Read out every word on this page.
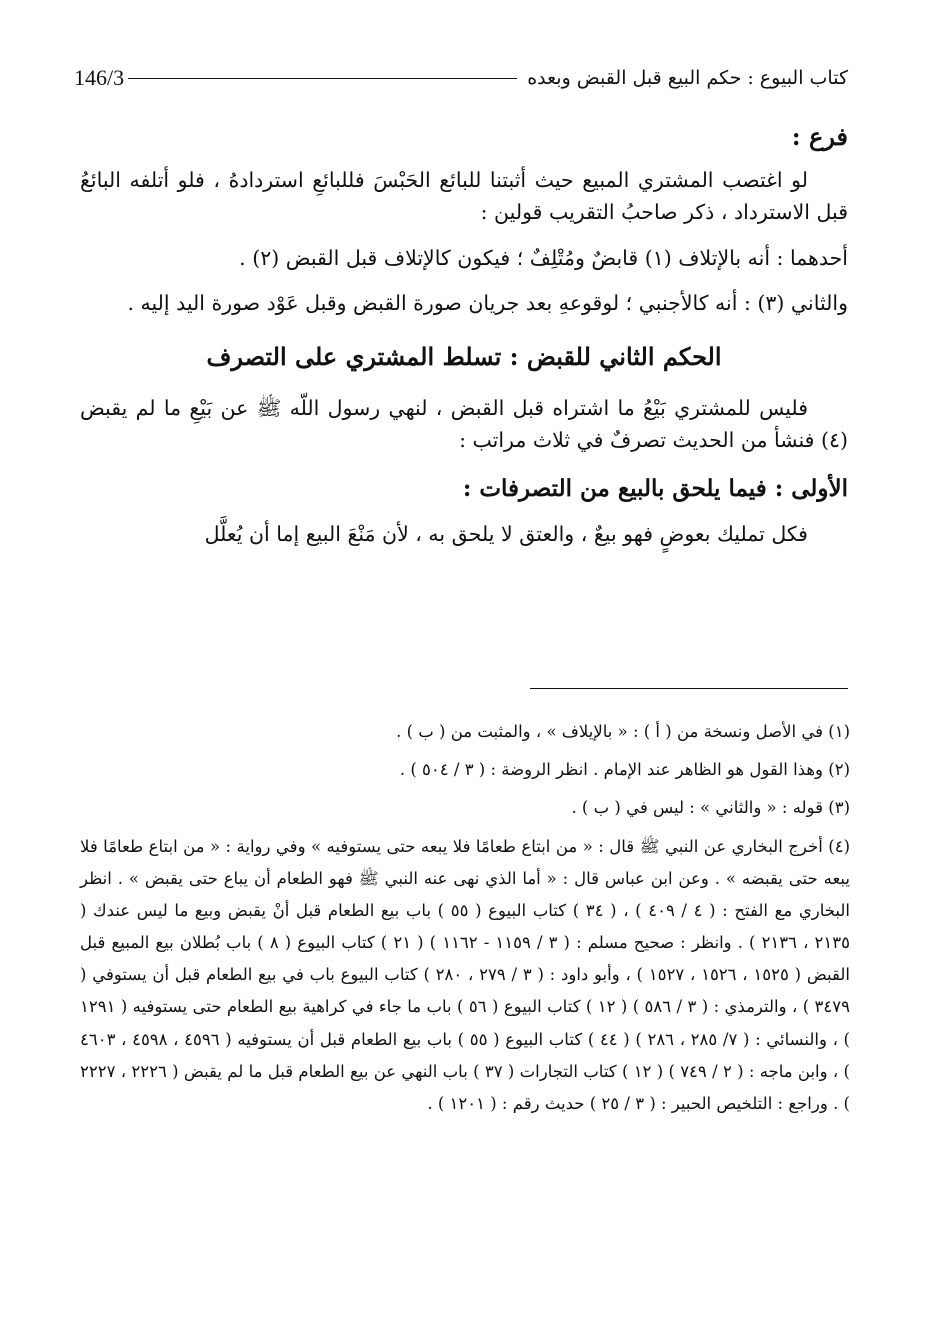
كتاب البيوع : حكم البيع قبل القبض وبعده
146/3

فرع :

لو اغتصب المشتري المبيع حيث أثبتنا للبائع الحَبْسَ فللبائعِ استردادهُ ، فلو أتلفه البائعُ قبل الاسترداد ، ذكر صاحبُ التقريب قولين :

أحدهما : أنه بالإتلاف (١) قابضٌ ومُتْلِفٌ ؛ فيكون كالإتلاف قبل القبض (٢) .

والثاني (٣) : أنه كالأجنبي ؛ لوقوعهِ بعد جريان صورة القبض وقبل عَوْد صورة اليد إليه .

الحكم الثاني للقبض : تسلط المشتري على التصرف

فليس للمشتري بَيْعُ ما اشتراه قبل القبض ، لنهي رسول اللّه ﷺ عن بَيْعِ ما لم يقبض (٤) فنشأ من الحديث تصرفٌ في ثلاث مراتب :

الأولى : فيما يلحق بالبيع من التصرفات :

فكل تمليك بعوضٍ فهو بيعٌ ، والعتق لا يلحق به ، لأن مَنْعَ البيع إما أن يُعلَّل

(١) في الأصل ونسخة من ( أ ) : « بالإيلاف » ، والمثبت من ( ب ) .

(٢) وهذا القول هو الظاهر عند الإمام . انظر الروضة : ( ٣ / ٥٠٤ ) .

(٣) قوله : « والثاني » : ليس في ( ب ) .

(٤) أخرج البخاري عن النبي ﷺ قال : « من ابتاع طعامًا فلا يبعه حتى يستوفيه » وفي رواية : « من ابتاع طعامًا فلا يبعه حتى يقبضه » . وعن ابن عباس قال : « أما الذي نهى عنه النبي ﷺ فهو الطعام أن يباع حتى يقبض » . انظر البخاري مع الفتح : ( ٤ / ٤٠٩ ) ، ( ٣٤ ) كتاب البيوع ( ٥٥ ) باب بيع الطعام قبل أنْ يقبض وبيع ما ليس عندك ( ٢١٣٥ ، ٢١٣٦ ) . وانظر : صحيح مسلم : ( ٣ / ١١٥٩ - ١١٦٢ ) ( ٢١ ) كتاب البيوع ( ٨ ) باب بُطلان بيع المبيع قبل القبض ( ١٥٢٥ ، ١٥٢٦ ، ١٥٢٧ ) ، وأبو داود : ( ٣ / ٢٧٩ ، ٢٨٠ ) كتاب البيوع باب في بيع الطعام قبل أن يستوفي ( ٣٤٧٩ ) ، والترمذي : ( ٣ / ٥٨٦ ) ( ١٢ ) كتاب البيوع ( ٥٦ ) باب ما جاء في كراهية بيع الطعام حتى يستوفيه ( ١٢٩١ ) ، والنسائي : ( ٧/ ٢٨٥ ، ٢٨٦ ) ( ٤٤ ) كتاب البيوع ( ٥٥ ) باب بيع الطعام قبل أن يستوفيه ( ٤٥٩٦ ، ٤٥٩٨ ، ٤٦٠٣ ) ، وابن ماجه : ( ٢ / ٧٤٩ ) ( ١٢ ) كتاب التجارات ( ٣٧ ) باب النهي عن بيع الطعام قبل ما لم يقبض ( ٢٢٢٦ ، ٢٢٢٧ ) . وراجع : التلخيص الحبير : ( ٣ / ٢٥ ) حديث رقم : ( ١٢٠١ ) .
